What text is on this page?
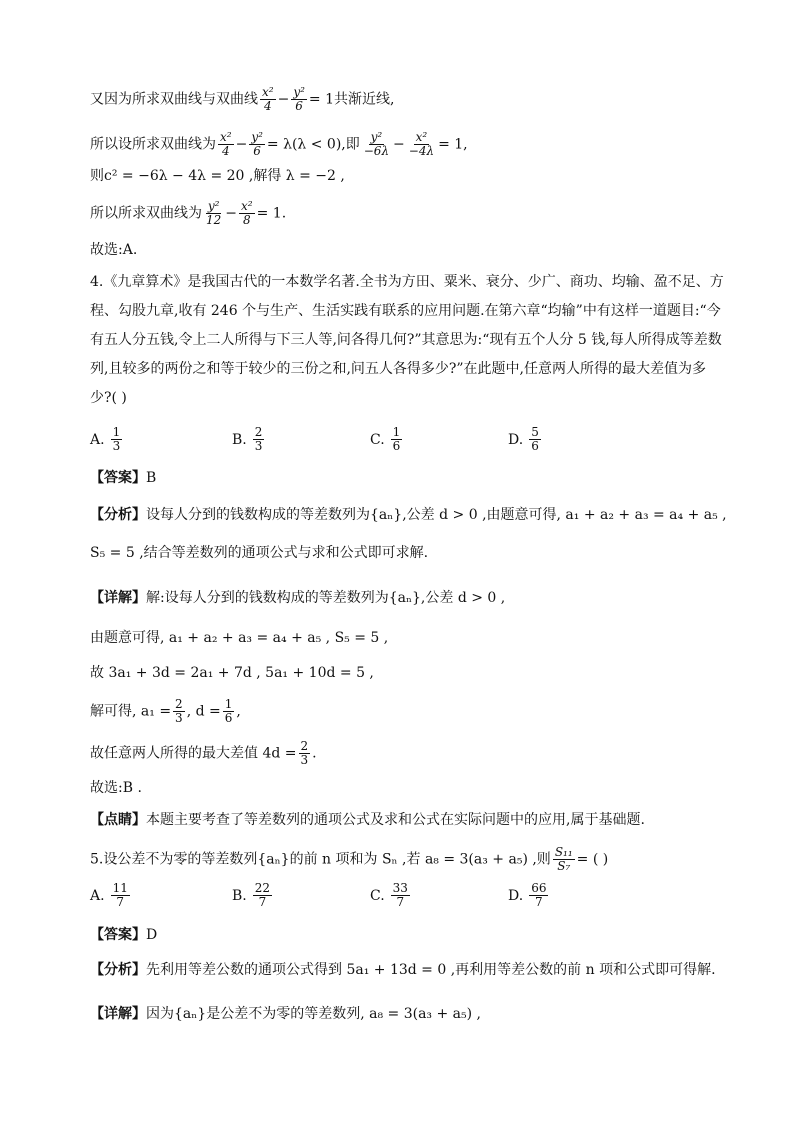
又因为所求双曲线与双曲线 $\frac{\text{x²}}{4} - \frac{\text{y²}}{6} = 1$共渐近线,
所以设所求双曲线为 $\frac{\text{x²}}{4} - \frac{\text{y²}}{6} = \lambda(\lambda < 0)$,即 $\frac{\text{y²}}{-6\lambda} - \frac{\text{x²}}{-4\lambda} = 1$,
则c² = −6λ − 4λ = 20 ,解得 λ = −2 ,
所以所求双曲线为 $\frac{\text{y²}}{12} - \frac{\text{x²}}{8} = 1$.
故选:A.
4.《九章算术》是我国古代的一本数学名著.全书为方田、粟米、衰分、少广、商功、均输、盈不足、方程、勾股九章,收有 246 个与生产、生活实践有联系的应用问题.在第六章“均输”中有这样一道题目:“今有五人分五钱,令上二人所得与下三人等,问各得几何?”其意思为:“现有五个人分 5 钱,每人所得成等差数列,且较多的两份之和等于较少的三份之和,问五人各得多少?”在此题中,任意两人所得的最大差值为多少?( )
A. $\frac{1}{3}$	B. $\frac{2}{3}$	C. $\frac{1}{6}$	D. $\frac{5}{6}$
【答案】B
【分析】设每人分到的钱数构成的等差数列为{aₙ},公差 d > 0 ,由题意可得, a₁ + a₂ + a₃ = a₄ + a₅ ,
S₅ = 5 ,结合等差数列的通项公式与求和公式即可求解.
【详解】解:设每人分到的钱数构成的等差数列为{aₙ},公差 d > 0 ,
由题意可得, a₁ + a₂ + a₃ = a₄ + a₅ , S₅ = 5 ,
故 3a₁ + 3d = 2a₁ + 7d , 5a₁ + 10d = 5 ,
解可得, $a_1 = \frac{2}{3}$ , $d = \frac{1}{6}$ ,
故任意两人所得的最大差值 $4d = \frac{2}{3}$ .
故选:B .
【点睛】本题主要考查了等差数列的通项公式及求和公式在实际问题中的应用,属于基础题.
5.设公差不为零的等差数列{aₙ}的前 n 项和为 Sₙ ,若 a₈ = 3(a₃ + a₅) ,则 $\frac{\text{S₁₁}}{\text{S₇}}$ = ( )
A. $\frac{11}{7}$	B. $\frac{22}{7}$	C. $\frac{33}{7}$	D. $\frac{66}{7}$
【答案】D
【分析】先利用等差公数的通项公式得到 5a₁ + 13d = 0 ,再利用等差公数的前 n 项和公式即可得解.
【详解】因为{aₙ}是公差不为零的等差数列, a₈ = 3(a₃ + a₅) ,
